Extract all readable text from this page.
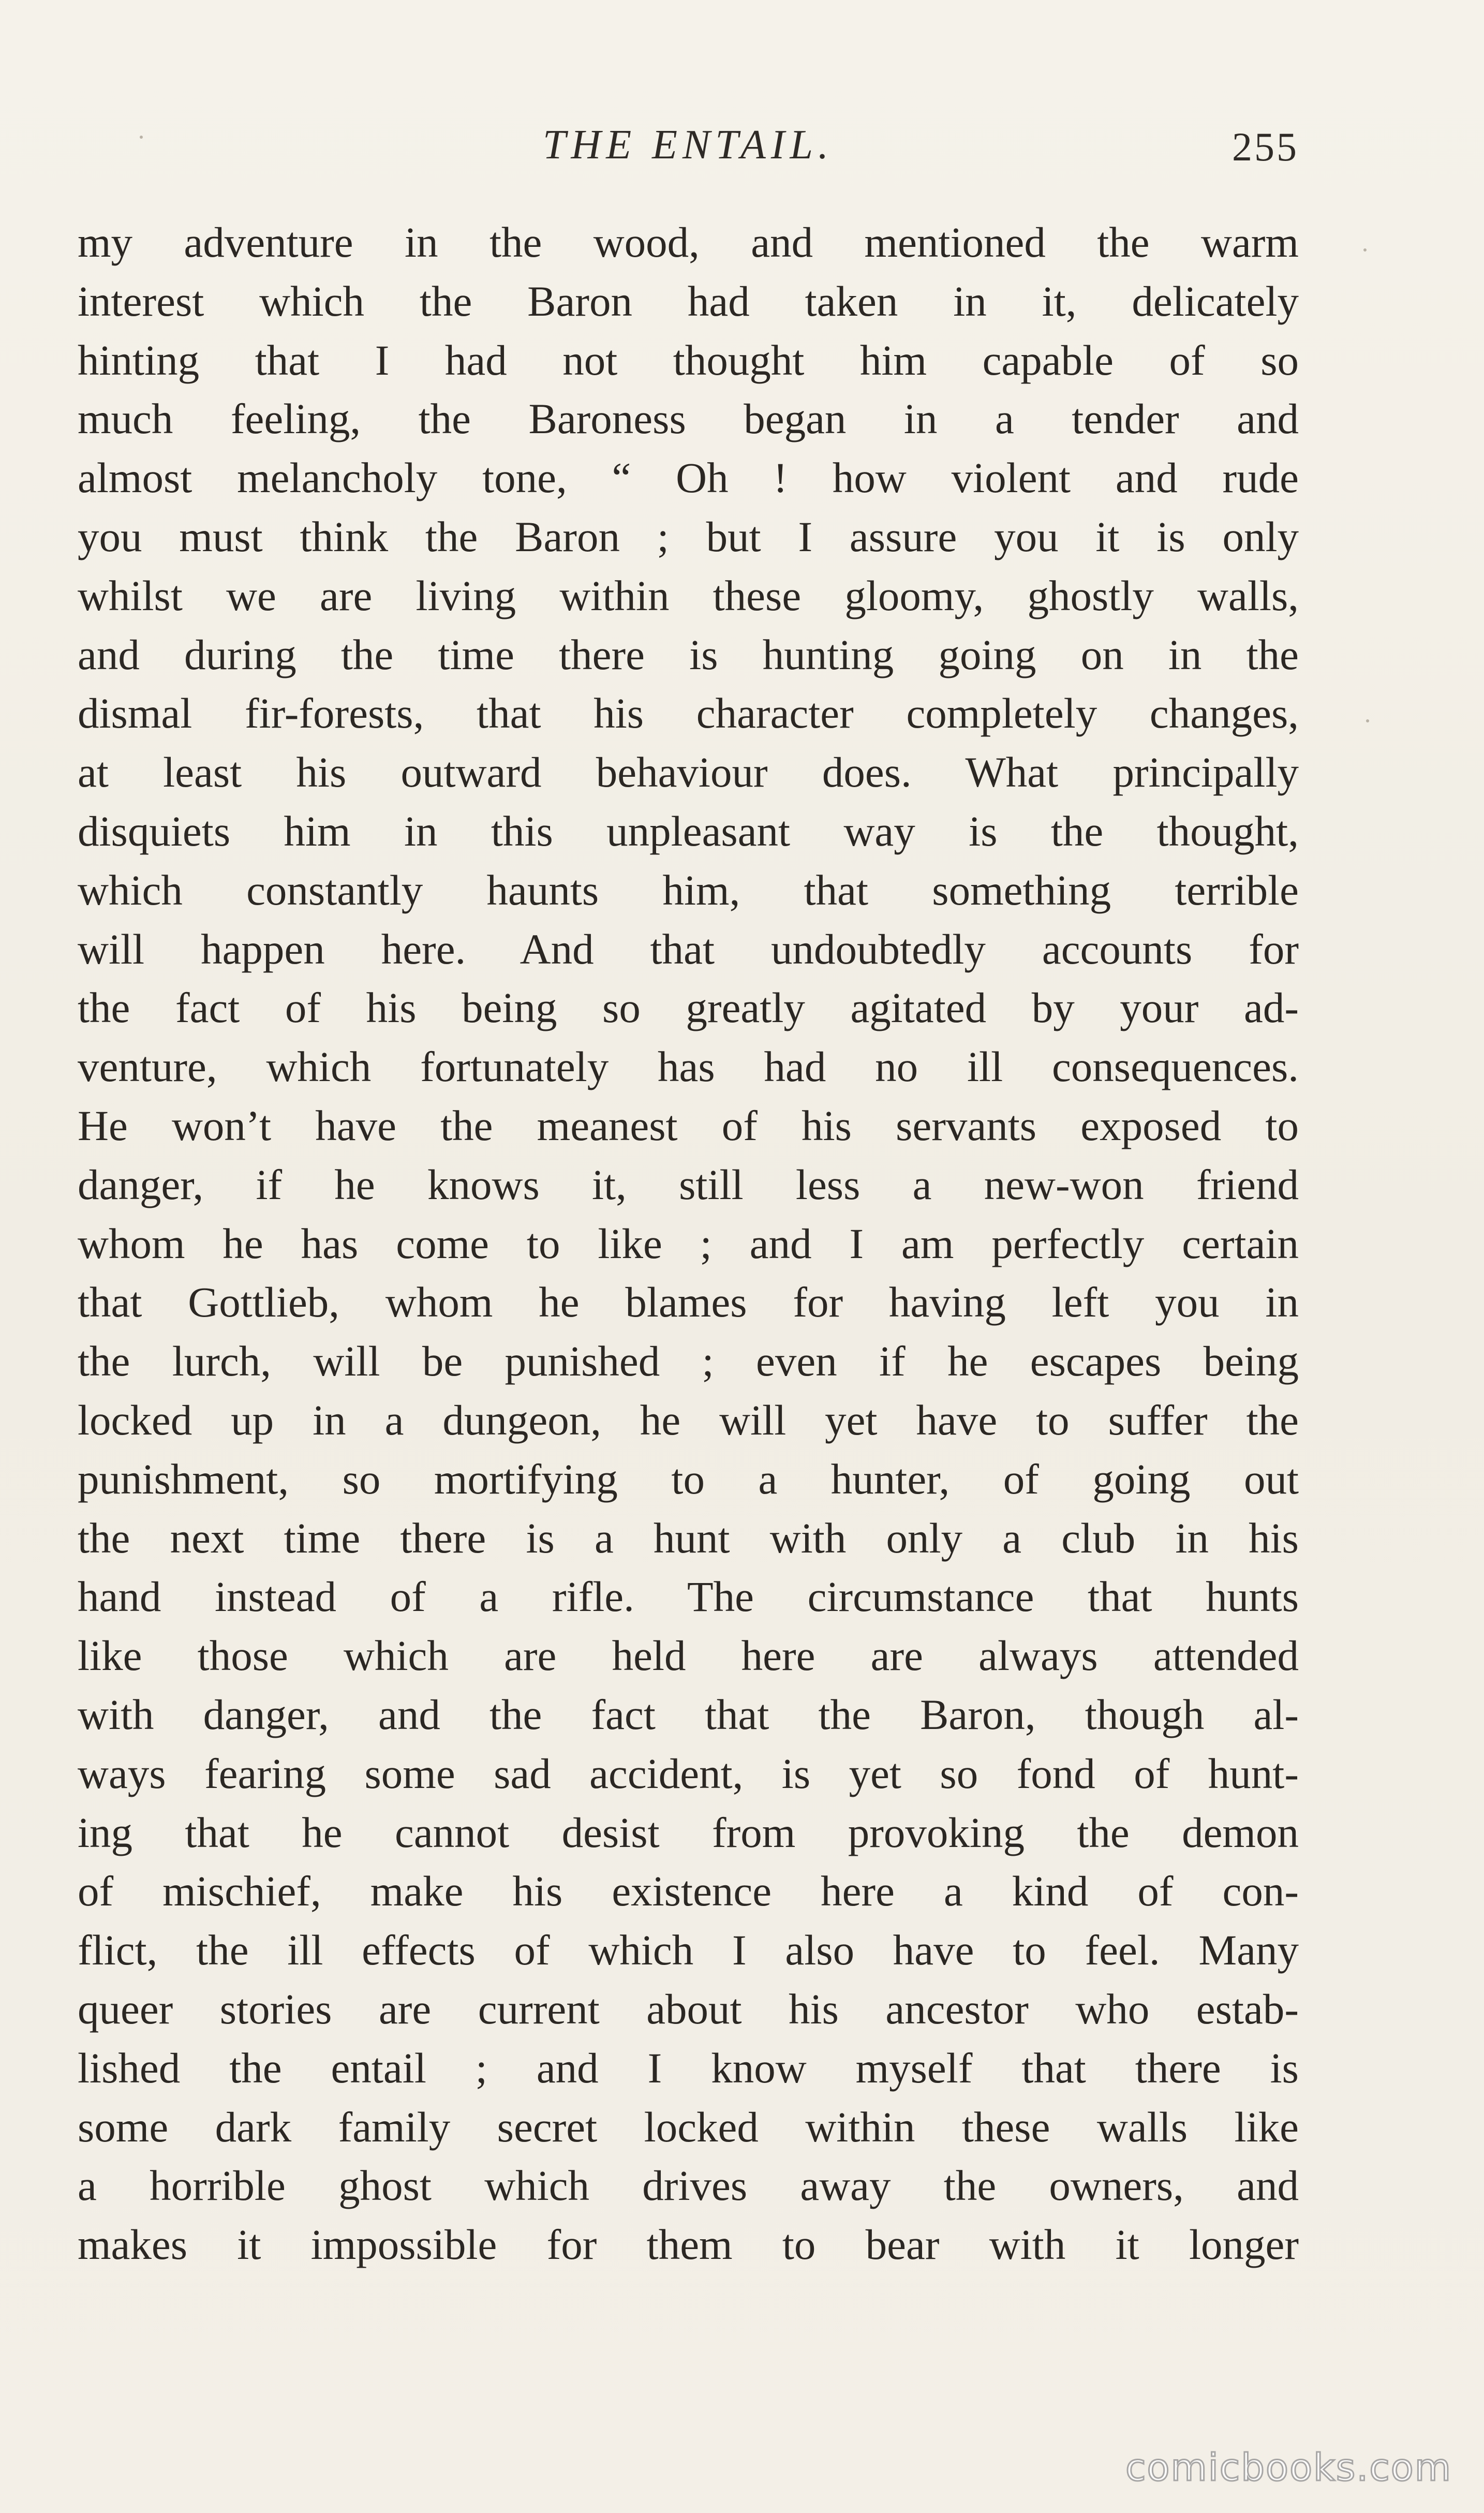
THE ENTAIL.	255
my adventure in the wood, and mentioned the warm
interest which the Baron had taken in it, delicately
hinting that I had not thought him capable of so
much feeling, the Baroness began in a tender and
almost melancholy tone, “ Oh ! how violent and rude
you must think the Baron ; but I assure you it is only
whilst we are living within these gloomy, ghostly walls,
and during the time there is hunting going on in the
dismal fir-forests, that his character completely changes,
at least his outward behaviour does. What principally
disquiets him in this unpleasant way is the thought,
which constantly haunts him, that something terrible
will happen here. And that undoubtedly accounts for
the fact of his being so greatly agitated by your ad-
venture, which fortunately has had no ill consequences.
He won’t have the meanest of his servants exposed to
danger, if he knows it, still less a new-won friend
whom he has come to like ; and I am perfectly certain
that Gottlieb, whom he blames for having left you in
the lurch, will be punished ; even if he escapes being
locked up in a dungeon, he will yet have to suffer the
punishment, so mortifying to a hunter, of going out
the next time there is a hunt with only a club in his
hand instead of a rifle. The circumstance that hunts
like those which are held here are always attended
with danger, and the fact that the Baron, though al-
ways fearing some sad accident, is yet so fond of hunt-
ing that he cannot desist from provoking the demon
of mischief, make his existence here a kind of con-
flict, the ill effects of which I also have to feel. Many
queer stories are current about his ancestor who estab-
lished the entail ; and I know myself that there is
some dark family secret locked within these walls like
a horrible ghost which drives away the owners, and
makes it impossible for them to bear with it longer
comicbooks.com
